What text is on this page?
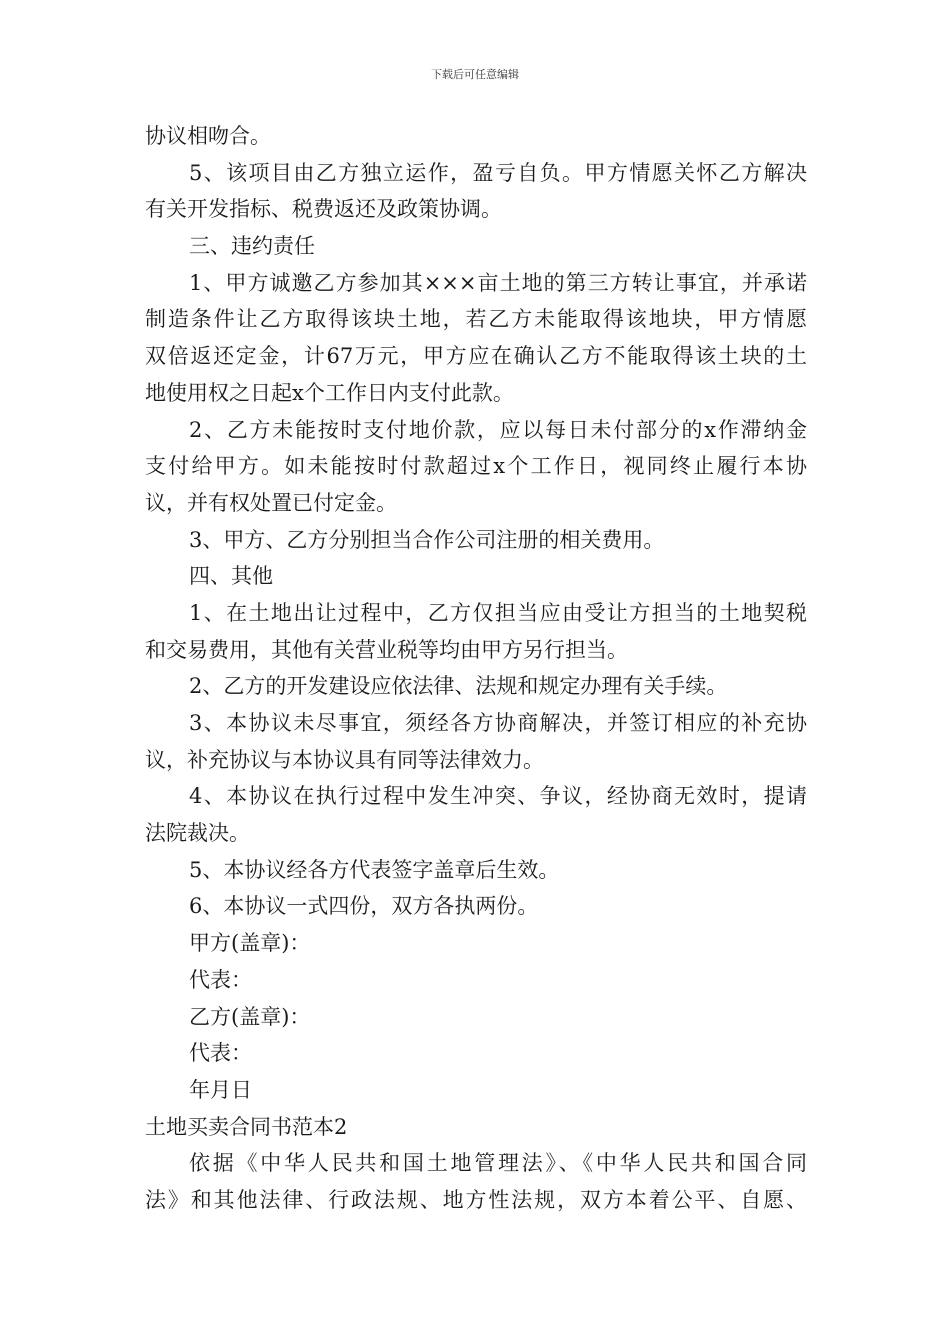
下载后可任意编辑
协议相吻合。
5、该项目由乙方独立运作，盈亏自负。甲方情愿关怀乙方解决
有关开发指标、税费返还及政策协调。
三、违约责任
1、甲方诚邀乙方参加其×××亩土地的第三方转让事宜，并承诺
制造条件让乙方取得该块土地，若乙方未能取得该地块，甲方情愿
双倍返还定金，计67万元，甲方应在确认乙方不能取得该土块的土
地使用权之日起x个工作日内支付此款。
2、乙方未能按时支付地价款，应以每日未付部分的x作滞纳金
支付给甲方。如未能按时付款超过x个工作日，视同终止履行本协
议，并有权处置已付定金。
3、甲方、乙方分别担当合作公司注册的相关费用。
四、其他
1、在土地出让过程中，乙方仅担当应由受让方担当的土地契税
和交易费用，其他有关营业税等均由甲方另行担当。
2、乙方的开发建设应依法律、法规和规定办理有关手续。
3、本协议未尽事宜，须经各方协商解决，并签订相应的补充协
议，补充协议与本协议具有同等法律效力。
4、本协议在执行过程中发生冲突、争议，经协商无效时，提请
法院裁决。
5、本协议经各方代表签字盖章后生效。
6、本协议一式四份，双方各执两份。
甲方(盖章)：
代表：
乙方(盖章)：
代表：
年月日
土地买卖合同书范本2
依据《中华人民共和国土地管理法》、《中华人民共和国合同
法》和其他法律、行政法规、地方性法规，双方本着公平、自愿、
